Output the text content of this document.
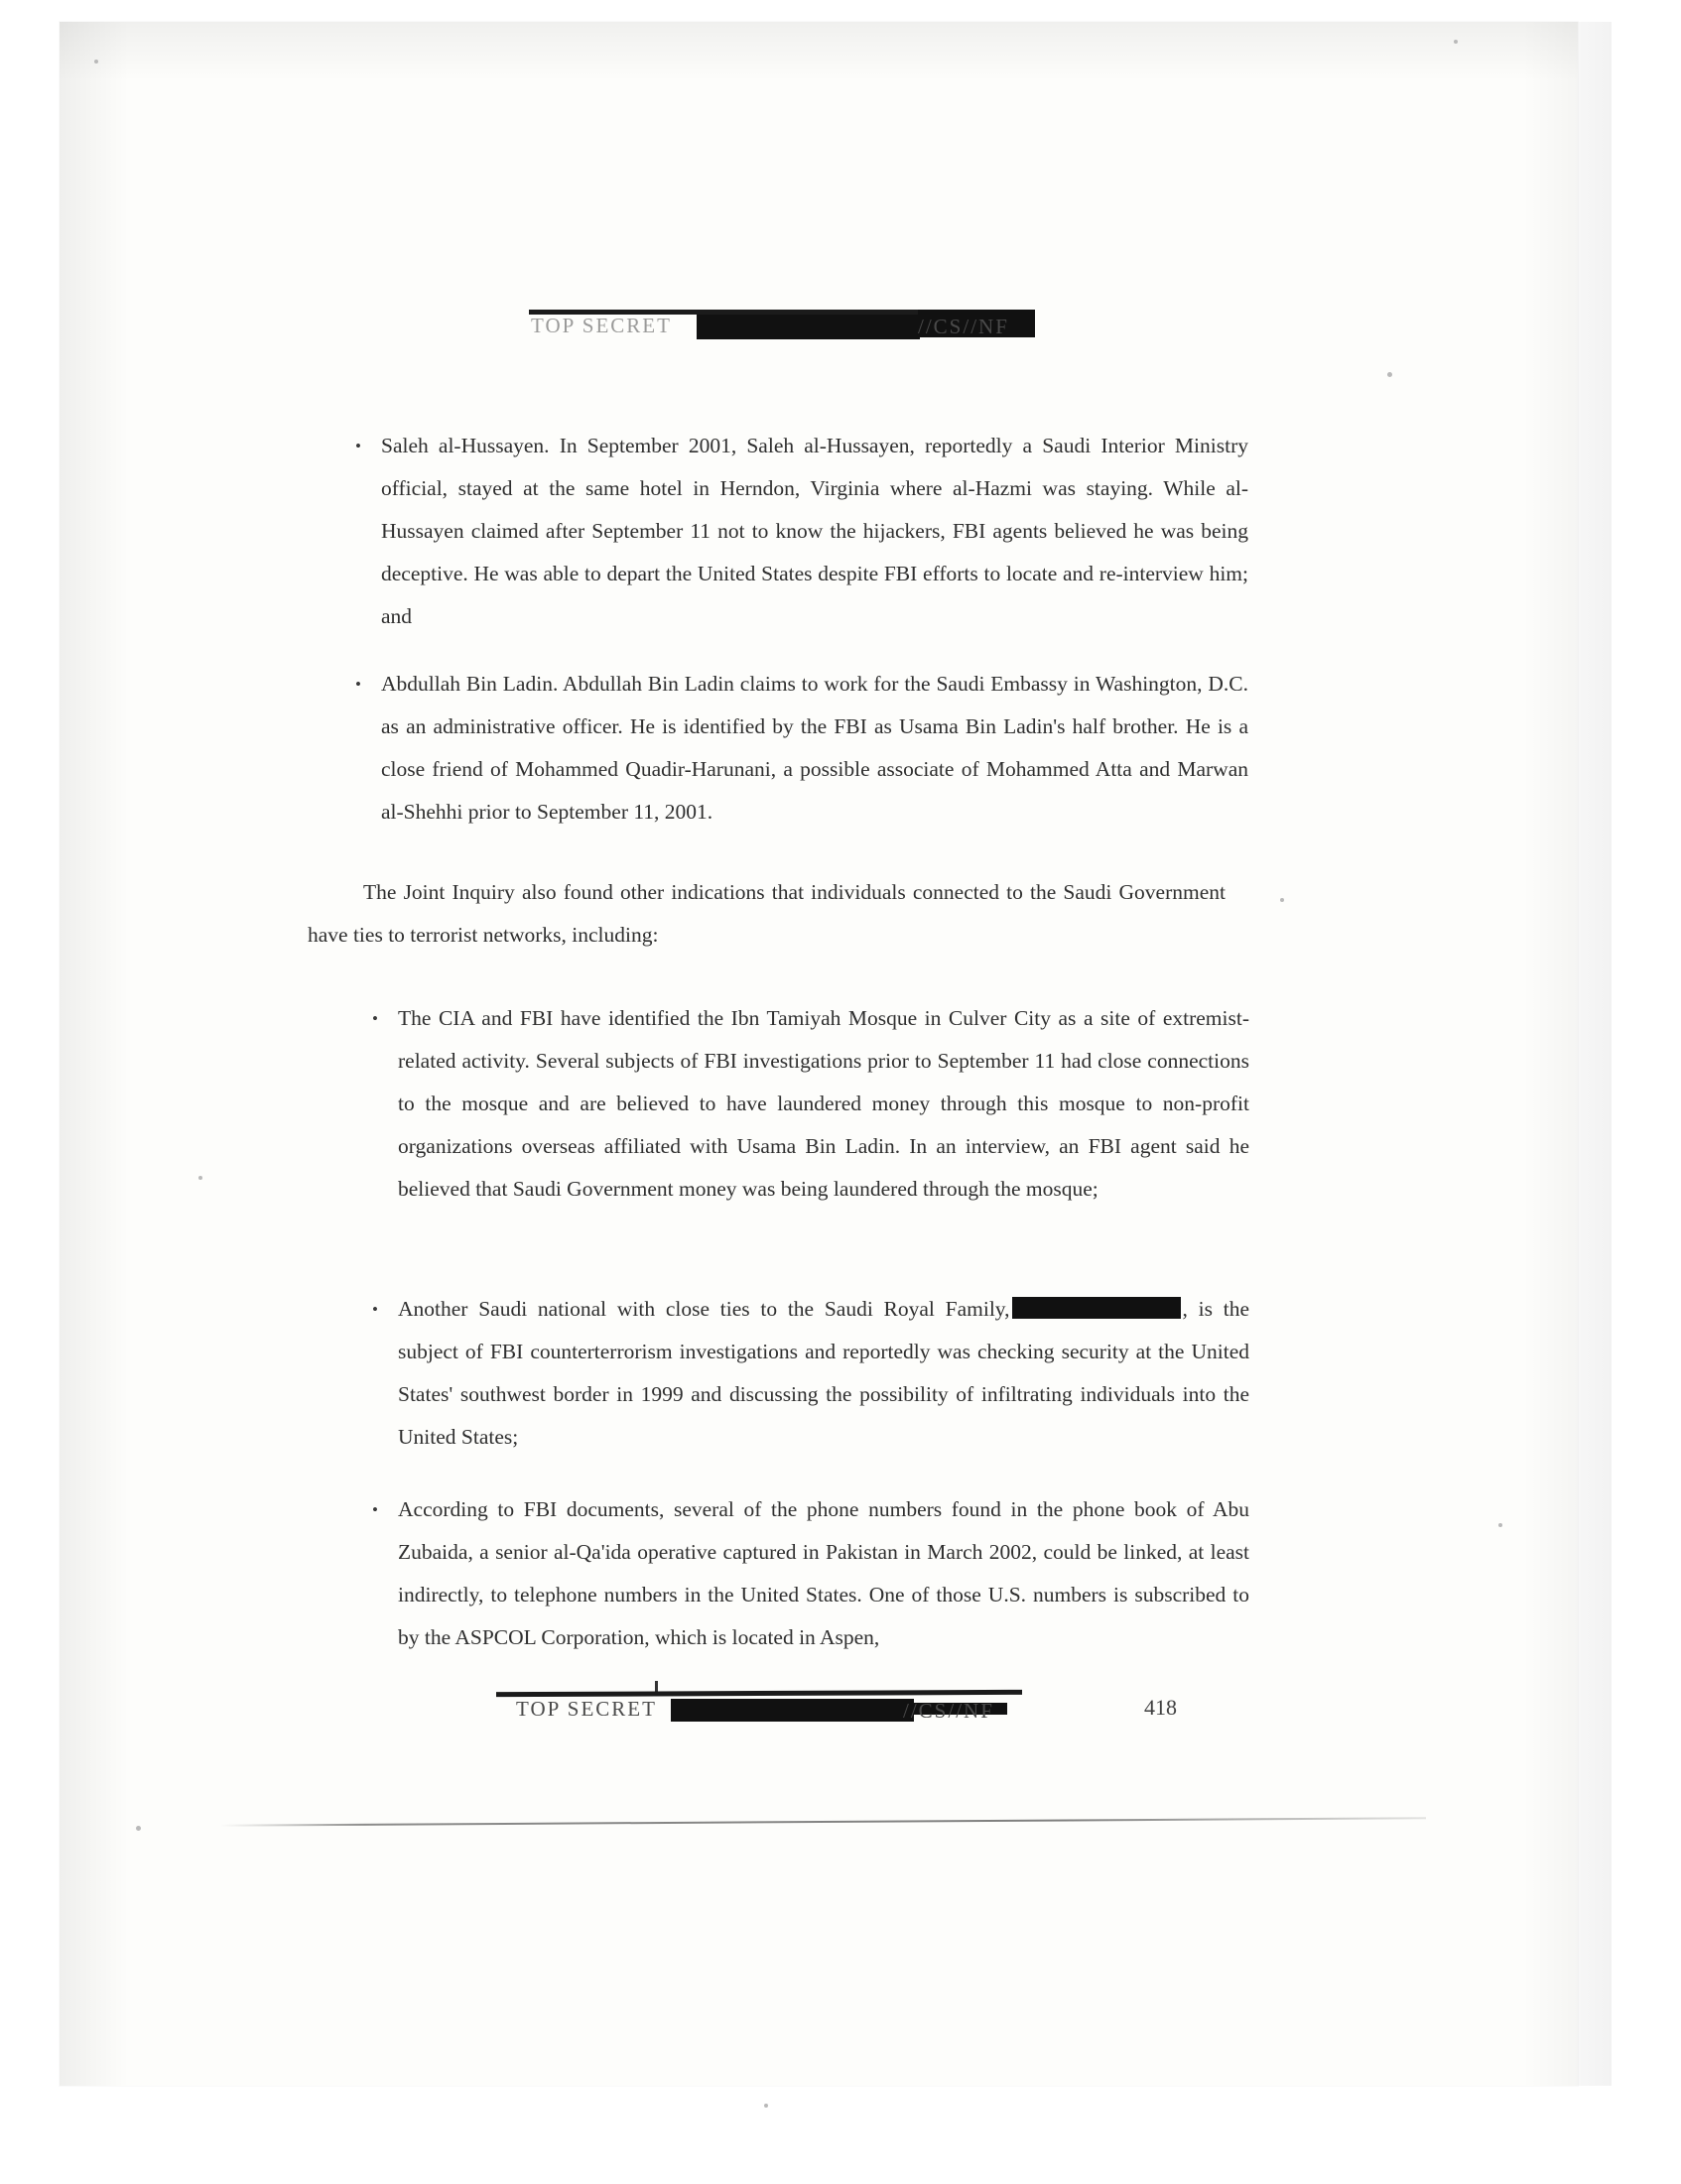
TOP SECRET	//CS//NF
• Saleh al-Hussayen. In September 2001, Saleh al-Hussayen, reportedly a Saudi Interior Ministry official, stayed at the same hotel in Herndon, Virginia where al-Hazmi was staying. While al-Hussayen claimed after September 11 not to know the hijackers, FBI agents believed he was being deceptive. He was able to depart the United States despite FBI efforts to locate and re-interview him; and
• Abdullah Bin Ladin. Abdullah Bin Ladin claims to work for the Saudi Embassy in Washington, D.C. as an administrative officer. He is identified by the FBI as Usama Bin Ladin's half brother. He is a close friend of Mohammed Quadir-Harunani, a possible associate of Mohammed Atta and Marwan al-Shehhi prior to September 11, 2001.
The Joint Inquiry also found other indications that individuals connected to the Saudi Government have ties to terrorist networks, including:
• The CIA and FBI have identified the Ibn Tamiyah Mosque in Culver City as a site of extremist-related activity. Several subjects of FBI investigations prior to September 11 had close connections to the mosque and are believed to have laundered money through this mosque to non-profit organizations overseas affiliated with Usama Bin Ladin. In an interview, an FBI agent said he believed that Saudi Government money was being laundered through the mosque;
• Another Saudi national with close ties to the Saudi Royal Family,	, is the subject of FBI counterterrorism investigations and reportedly was checking security at the United States' southwest border in 1999 and discussing the possibility of infiltrating individuals into the United States;
• According to FBI documents, several of the phone numbers found in the phone book of Abu Zubaida, a senior al-Qa'ida operative captured in Pakistan in March 2002, could be linked, at least indirectly, to telephone numbers in the United States. One of those U.S. numbers is subscribed to by the ASPCOL Corporation, which is located in Aspen,
TOP SECRET	//CS//NF	418
